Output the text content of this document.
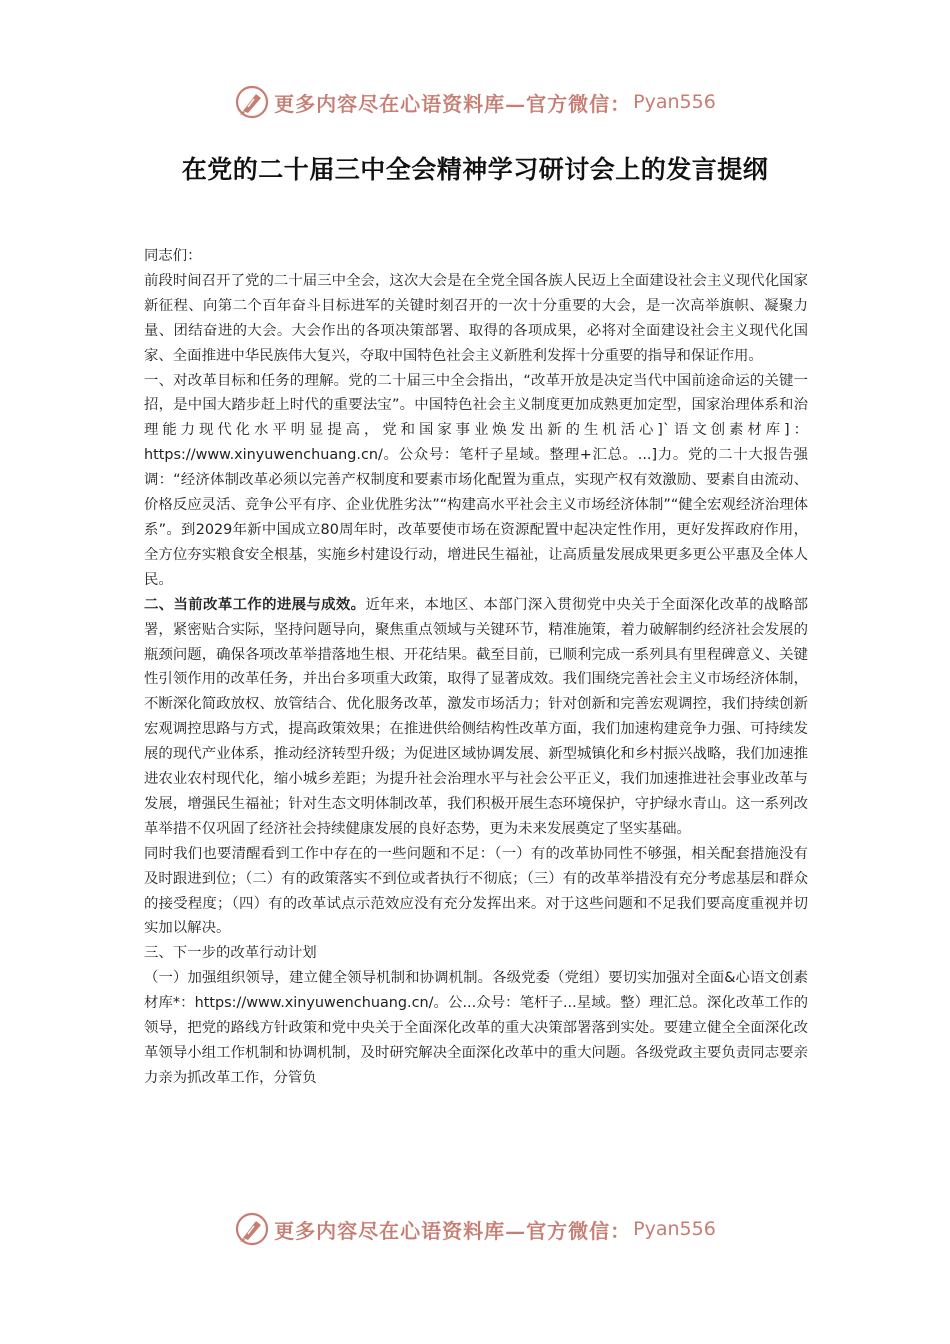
更多内容尽在心语资料库—官方微信： Pyan556
在党的二十届三中全会精神学习研讨会上的发言提纲

同志们：

前段时间召开了党的二十届三中全会，这次大会是在全党全国各族人民迈上全面建设社会主义现代化国家新征程、向第二个百年奋斗目标进军的关键时刻召开的一次十分重要的大会，是一次高举旗帜、凝聚力量、团结奋进的大会。大会作出的各项决策部署、取得的各项成果，必将对全面建设社会主义现代化国家、全面推进中华民族伟大复兴，夺取中国特色社会主义新胜利发挥十分重要的指导和保证作用。

一、对改革目标和任务的理解。党的二十届三中全会指出，“改革开放是决定当代中国前途命运的关键一招，是中国大踏步赶上时代的重要法宝”。中国特色社会主义制度更加成熟更加定型，国家治理体系和治理能力现代化水平明显提高，党和国家事业焕发出新的生机活心]`语文创素材库]：https://www.xinyuwenchuang.cn/。公众号：笔杆子星域。整理+汇总。...]力。党的二十大报告强调：“经济体制改革必须以完善产权制度和要素市场化配置为重点，实现产权有效激励、要素自由流动、价格反应灵活、竞争公平有序、企业优胜劣汰”“构建高水平社会主义市场经济体制”“健全宏观经济治理体系”。到2029年新中国成立80周年时，改革要使市场在资源配置中起决定性作用，更好发挥政府作用，全方位夯实粮食安全根基，实施乡村建设行动，增进民生福祉，让高质量发展成果更多更公平惠及全体人民。

二、当前改革工作的进展与成效。近年来，本地区、本部门深入贯彻党中央关于全面深化改革的战略部署，紧密贴合实际，坚持问题导向，聚焦重点领域与关键环节，精准施策，着力破解制约经济社会发展的瓶颈问题，确保各项改革举措落地生根、开花结果。截至目前，已顺利完成一系列具有里程碑意义、关键性引领作用的改革任务，并出台多项重大政策，取得了显著成效。我们围绕完善社会主义市场经济体制，不断深化简政放权、放管结合、优化服务改革，激发市场活力；针对创新和完善宏观调控，我们持续创新宏观调控思路与方式，提高政策效果；在推进供给侧结构性改革方面，我们加速构建竞争力强、可持续发展的现代产业体系，推动经济转型升级；为促进区域协调发展、新型城镇化和乡村振兴战略，我们加速推进农业农村现代化，缩小城乡差距；为提升社会治理水平与社会公平正义，我们加速推进社会事业改革与发展，增强民生福祉；针对生态文明体制改革，我们积极开展生态环境保护，守护绿水青山。这一系列改革举措不仅巩固了经济社会持续健康发展的良好态势，更为未来发展奠定了坚实基础。

同时我们也要清醒看到工作中存在的一些问题和不足：（一）有的改革协同性不够强，相关配套措施没有及时跟进到位；（二）有的政策落实不到位或者执行不彻底；（三）有的改革举措没有充分考虑基层和群众的接受程度；（四）有的改革试点示范效应没有充分发挥出来。对于这些问题和不足我们要高度重视并切实加以解决。

三、下一步的改革行动计划

（一）加强组织领导，建立健全领导机制和协调机制。各级党委（党组）要切实加强对全面&心语文创素材库*：https://www.xinyuwenchuang.cn/。公...众号：笔杆子...星域。整）理汇总。深化改革工作的领导，把党的路线方针政策和党中央关于全面深化改革的重大决策部署落到实处。要建立健全全面深化改革领导小组工作机制和协调机制，及时研究解决全面深化改革中的重大问题。各级党政主要负责同志要亲力亲为抓改革工作，分管负

更多内容尽在心语资料库—官方微信： Pyan556
